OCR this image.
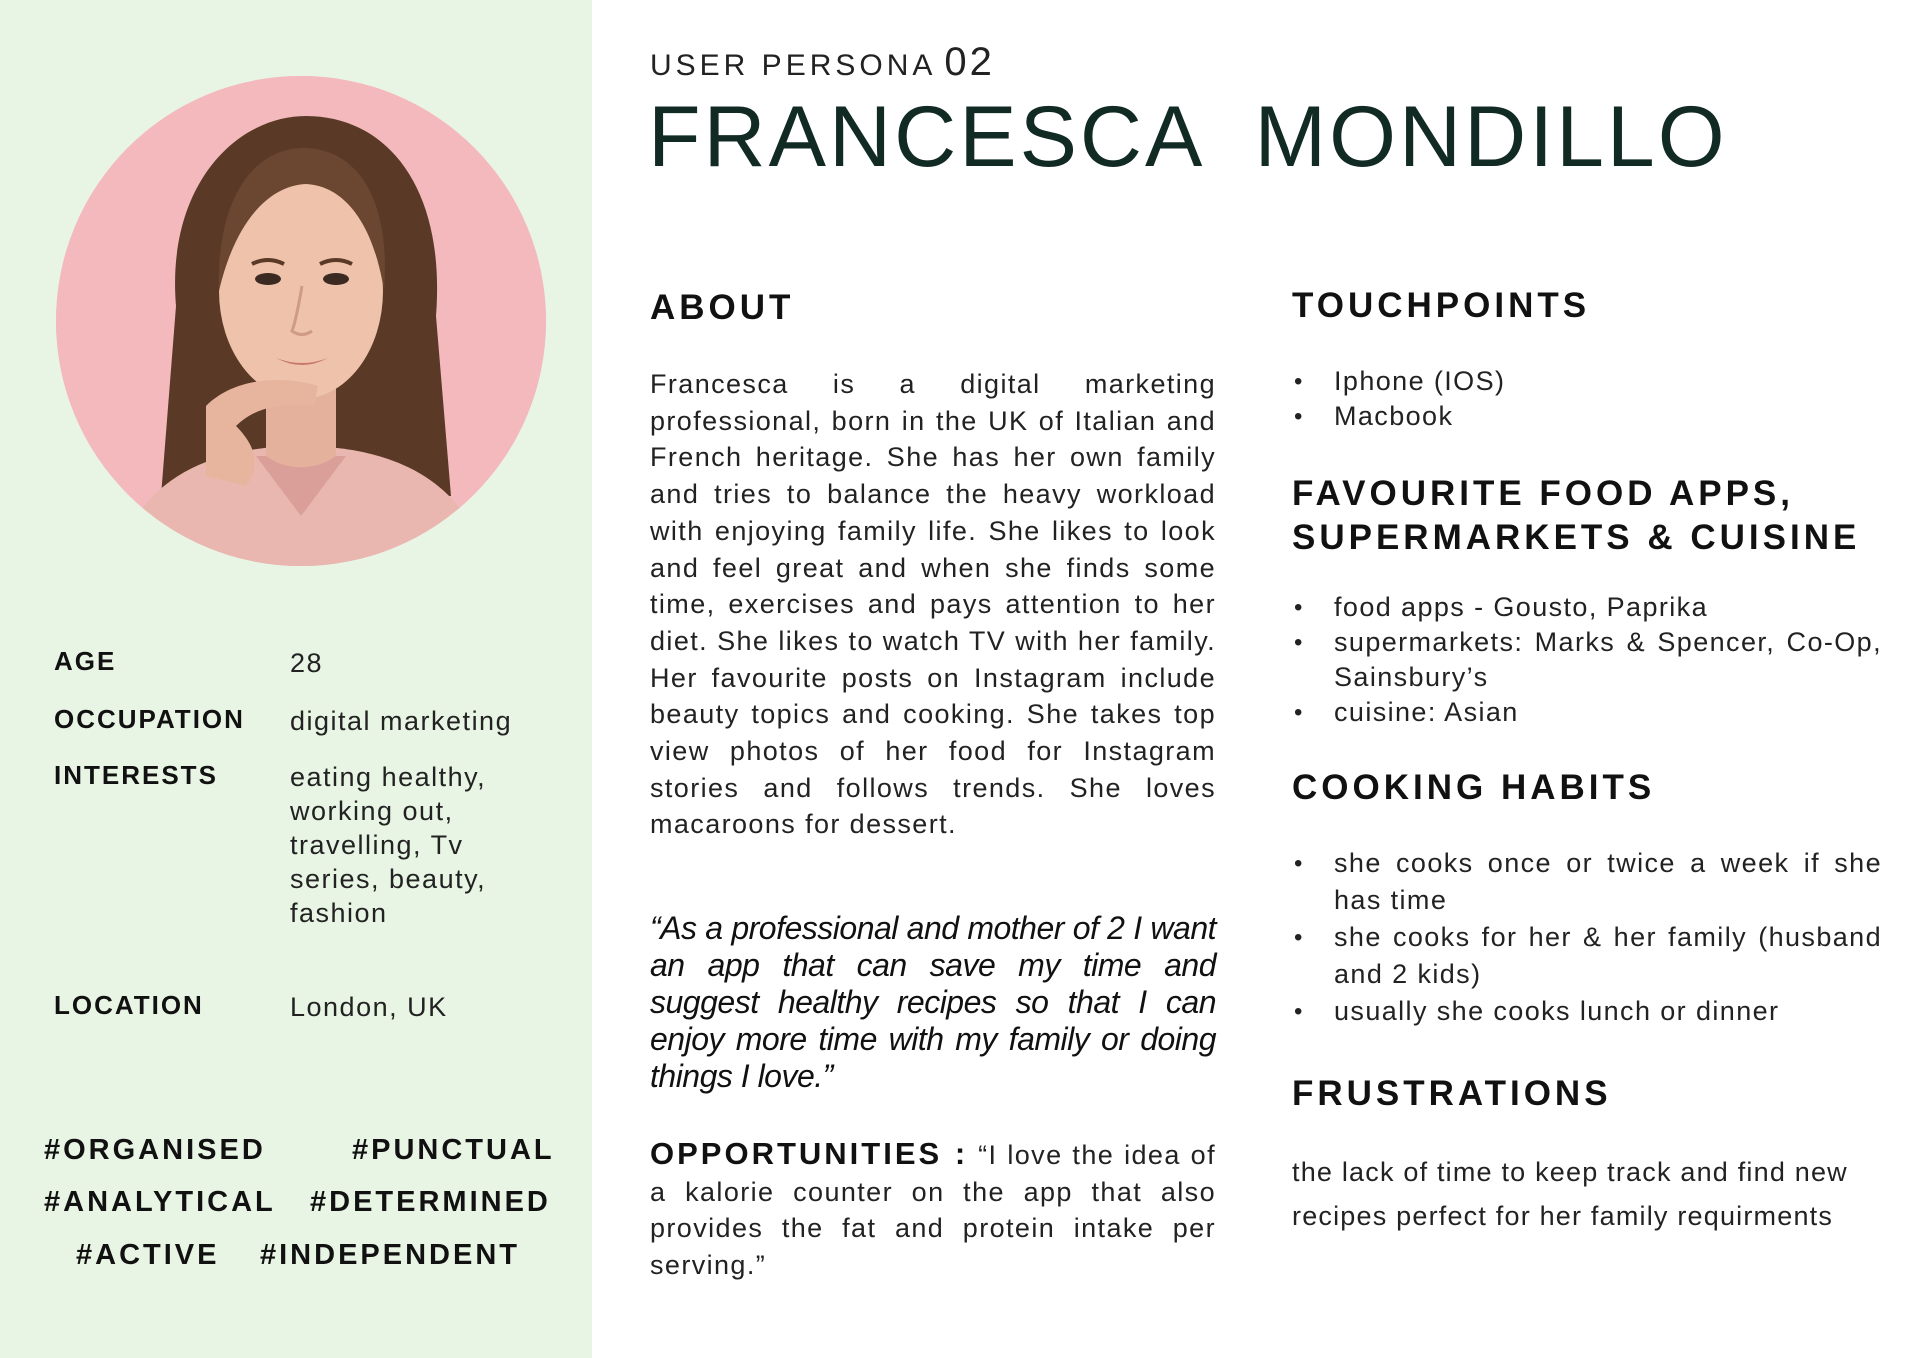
AGE	28
OCCUPATION digital marketing
INTERESTS	eating healthy, working out, travelling, Tv series, beauty, fashion
LOCATION	London, UK
#ORGANISED	#PUNCTUAL
#ANALYTICAL #DETERMINED
#ACTIVE #INDEPENDENT
USER PERSONA 02
FRANCESCA  MONDILLO
ABOUT
Francesca is a digital marketing professional, born in the UK of Italian and French heritage. She has her own family and tries to balance the heavy workload with enjoying family life. She likes to look and feel great and when she finds some time, exercises and pays attention to her diet. She likes to watch TV with her family. Her favourite posts on Instagram include beauty topics and cooking. She takes top view photos of her food for Instagram stories and follows trends. She loves macaroons for dessert.
“As a professional and mother of 2 I want an app that can save my time and suggest healthy recipes so that I can enjoy more time with my family or doing things I love.”
OPPORTUNITIES : “I love the idea of a kalorie counter on the app that also provides the fat and protein intake per serving.”
TOUCHPOINTS
• Iphone (IOS)
• Macbook
FAVOURITE FOOD APPS,
SUPERMARKETS & CUISINE
• food apps - Gousto, Paprika
• supermarkets: Marks & Spencer, Co-Op, Sainsbury’s
• cuisine: Asian
COOKING HABITS
• she cooks once or twice a week if she has time
• she cooks for her & her family (husband and 2 kids)
• usually she cooks lunch or dinner
FRUSTRATIONS
the lack of time to keep track and find new recipes perfect for her family requirments
